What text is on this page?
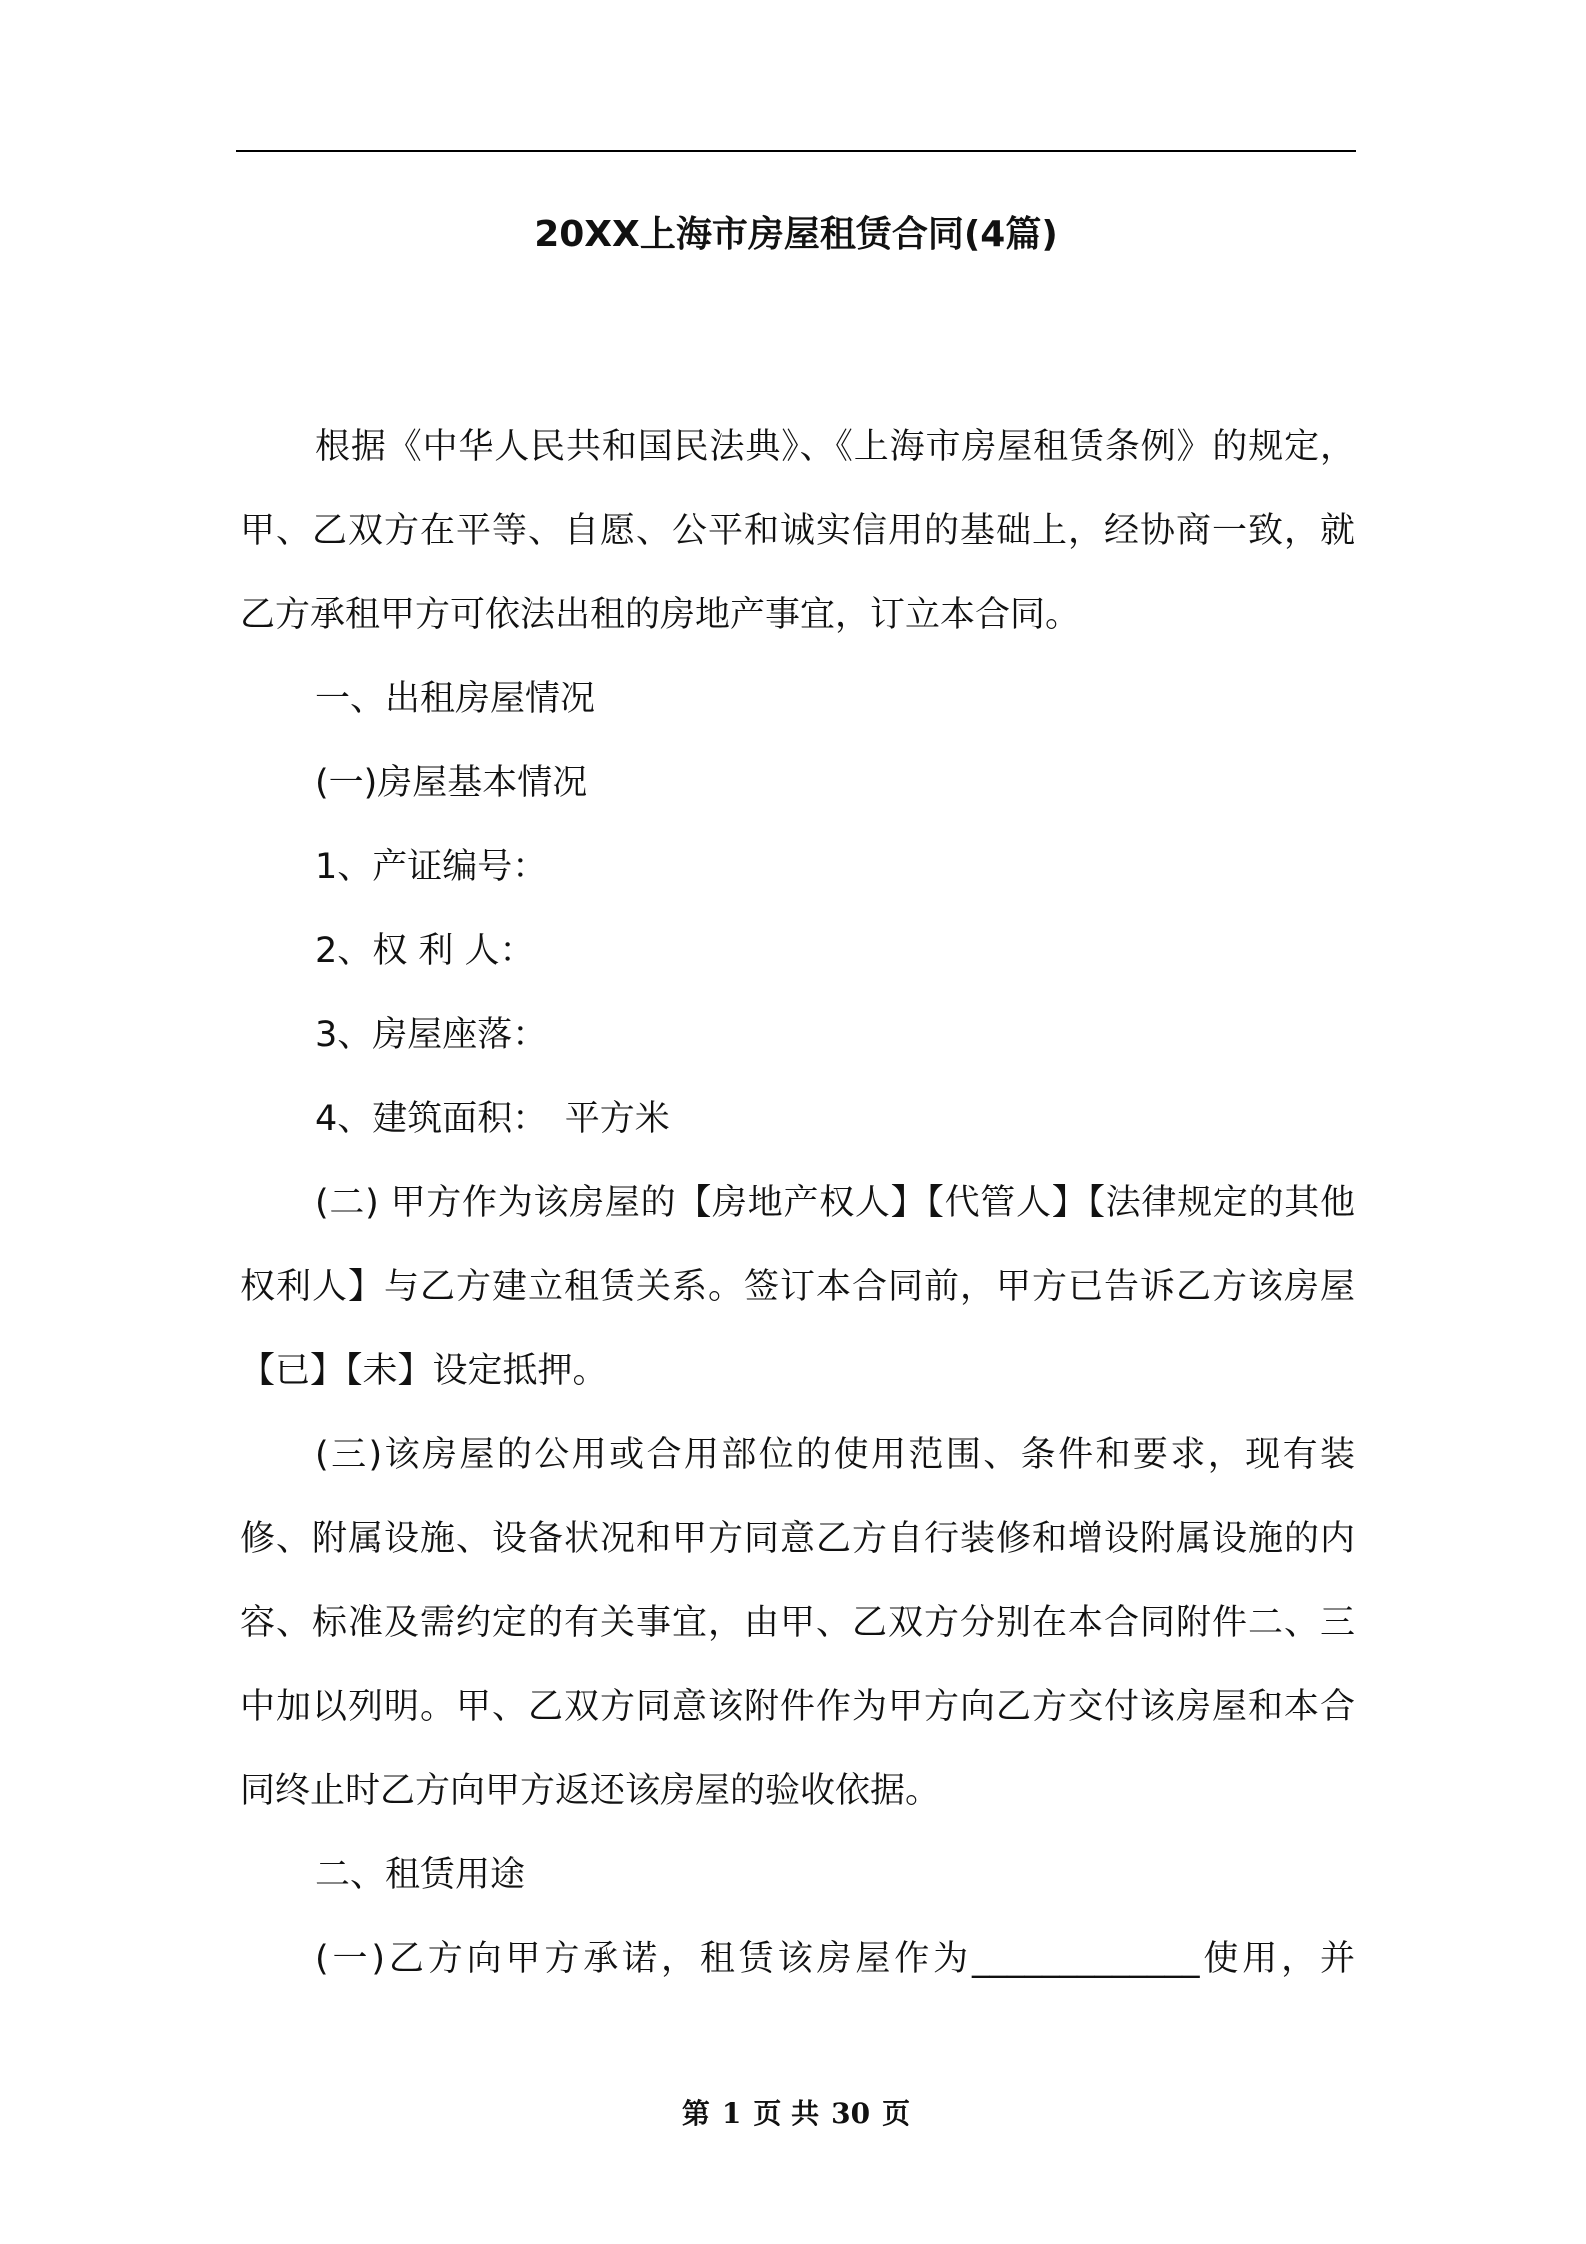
20XX上海市房屋租赁合同(4篇)

根据《中华人民共和国民法典》、《上海市房屋租赁条例》的规定，甲、乙双方在平等、自愿、公平和诚实信用的基础上，经协商一致，就乙方承租甲方可依法出租的房地产事宜，订立本合同。

一、出租房屋情况

(一)房屋基本情况

1、产证编号：

2、权 利 人：

3、房屋座落：

4、建筑面积：　平方米

(二) 甲方作为该房屋的【房地产权人】【代管人】【法律规定的其他权利人】与乙方建立租赁关系。签订本合同前，甲方已告诉乙方该房屋【已】【未】设定抵押。

(三)该房屋的公用或合用部位的使用范围、条件和要求，现有装修、附属设施、设备状况和甲方同意乙方自行装修和增设附属设施的内容、标准及需约定的有关事宜，由甲、乙双方分别在本合同附件二、三中加以列明。甲、乙双方同意该附件作为甲方向乙方交付该房屋和本合同终止时乙方向甲方返还该房屋的验收依据。

二、租赁用途

(一)乙方向甲方承诺，租赁该房屋作为_____________使用，并

第 1 页 共 30 页
